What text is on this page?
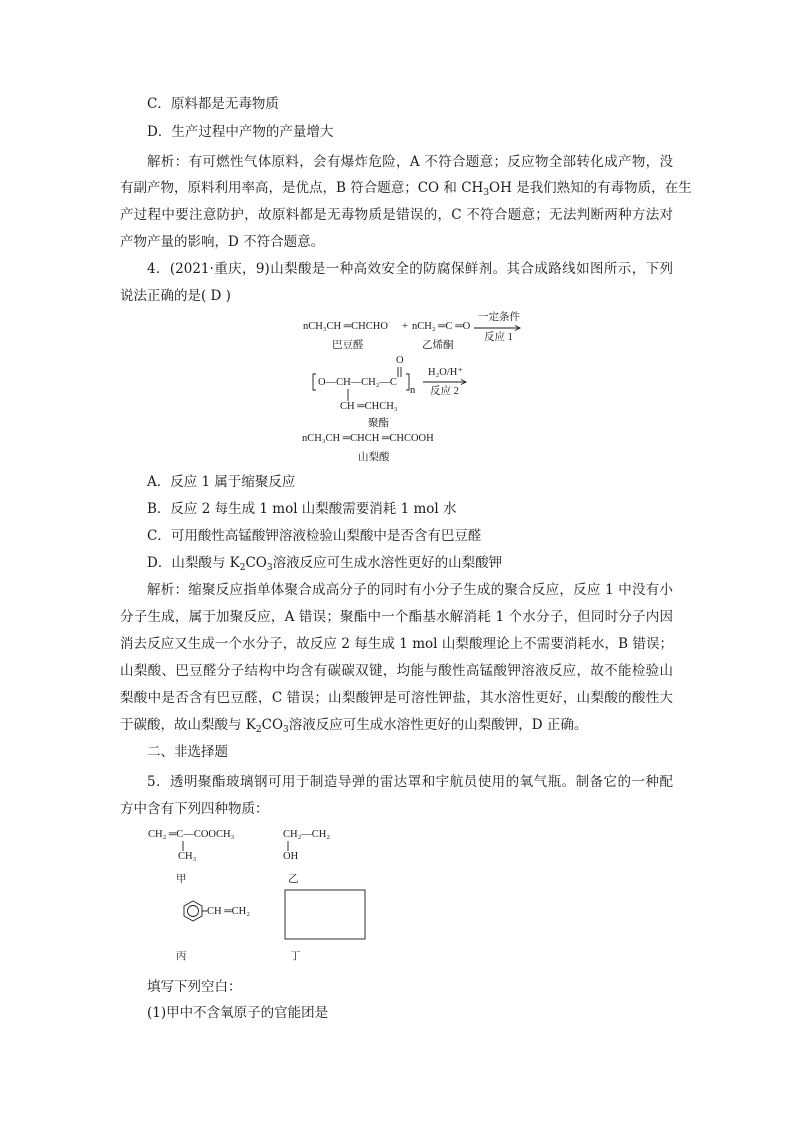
C．原料都是无毒物质
D．生产过程中产物的产量增大
解析：有可燃性气体原料，会有爆炸危险，A 不符合题意；反应物全部转化成产物，没
有副产物，原料利用率高，是优点，B 符合题意；CO 和 $CH_3OH$ 是我们熟知的有毒物质，在生
产过程中要注意防护，故原料都是无毒物质是错误的，C 不符合题意；无法判断两种方法对
产物产量的影响，D 不符合题意。
4．(2021·重庆，9)山梨酸是一种高效安全的防腐保鲜剂。其合成路线如图所示，下列
说法正确的是( D )
nCH₃CH ═CHCHO + nCH₂ ═C ═O
一定条件
反应 1
巴豆醛	乙烯酮
O
O—CH—CH₂—C
n
CH ═CHCH₃
H₂O/H⁺
反应 2
聚酯
nCH₃CH ═CHCH ═CHCOOH
山梨酸
A．反应 1 属于缩聚反应
B．反应 2 每生成 1 mol 山梨酸需要消耗 1 mol 水
C．可用酸性高锰酸钾溶液检验山梨酸中是否含有巴豆醛
D．山梨酸与 $K_2CO_3$溶液反应可生成水溶性更好的山梨酸钾
解析：缩聚反应指单体聚合成高分子的同时有小分子生成的聚合反应，反应 1 中没有小
分子生成，属于加聚反应，A 错误；聚酯中一个酯基水解消耗 1 个水分子，但同时分子内因
消去反应又生成一个水分子，故反应 2 每生成 1 mol 山梨酸理论上不需要消耗水，B 错误；
山梨酸、巴豆醛分子结构中均含有碳碳双键，均能与酸性高锰酸钾溶液反应，故不能检验山
梨酸中是否含有巴豆醛，C 错误；山梨酸钾是可溶性钾盐，其水溶性更好，山梨酸的酸性大
于碳酸，故山梨酸与 $K_2CO_3$溶液反应可生成水溶性更好的山梨酸钾，D 正确。
二、非选择题
5．透明聚酯玻璃钢可用于制造导弹的雷达罩和宇航员使用的氧气瓶。制备它的一种配
方中含有下列四种物质：
CH₂ ═C—COOCH₃
CH₃
甲
CH₂—CH₂
OH
乙
CH ═CH₂
丙	丁
填写下列空白：
(1)甲中不含氧原子的官能团是
